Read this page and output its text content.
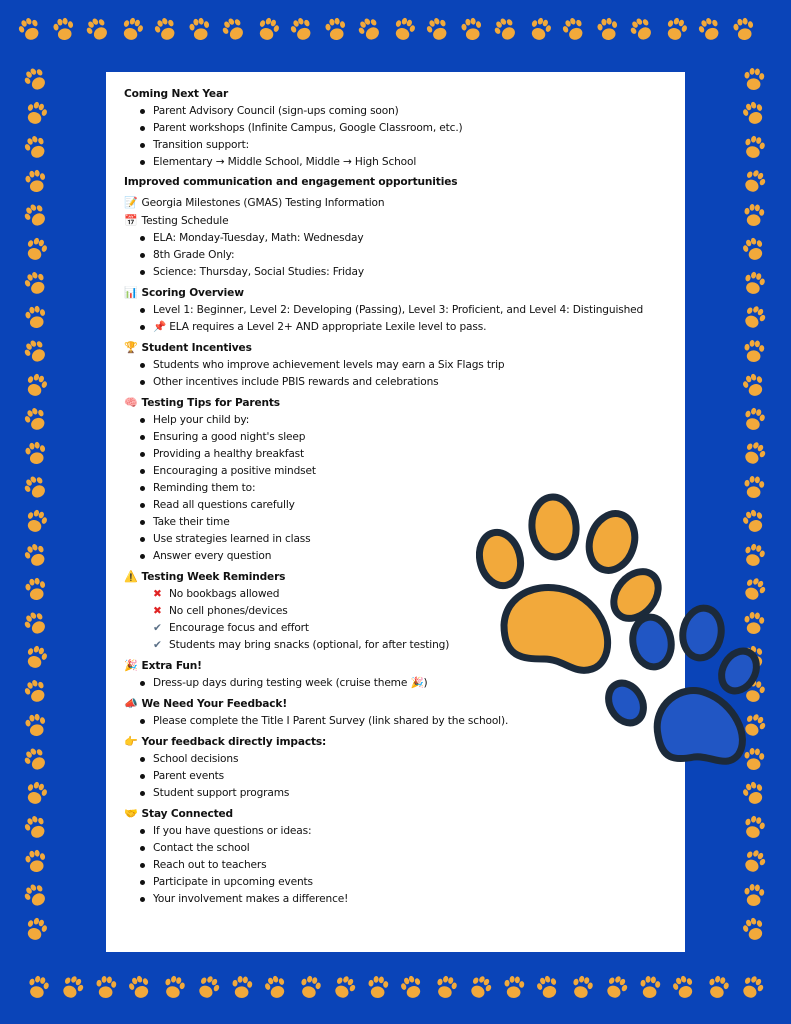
Coming Next Year
Parent Advisory Council (sign-ups coming soon)
Parent workshops (Infinite Campus, Google Classroom, etc.)
Transition support:
Elementary → Middle School, Middle → High School
Improved communication and engagement opportunities
📝 Georgia Milestones (GMAS) Testing Information
📅 Testing Schedule
ELA: Monday-Tuesday, Math: Wednesday
8th Grade Only:
Science: Thursday, Social Studies: Friday
📊 Scoring Overview
Level 1: Beginner, Level 2: Developing (Passing), Level 3: Proficient, and Level 4: Distinguished
📌 ELA requires a Level 2+ AND appropriate Lexile level to pass.
🏆 Student Incentives
Students who improve achievement levels may earn a Six Flags trip
Other incentives include PBIS rewards and celebrations
🧠 Testing Tips for Parents
Help your child by:
Ensuring a good night's sleep
Providing a healthy breakfast
Encouraging a positive mindset
Reminding them to:
Read all questions carefully
Take their time
Use strategies learned in class
Answer every question
⚠️ Testing Week Reminders
✖ No bookbags allowed
✖ No cell phones/devices
✔ Encourage focus and effort
✔ Students may bring snacks (optional, for after testing)
🎉 Extra Fun!
Dress-up days during testing week (cruise theme 🎉)
📣 We Need Your Feedback!
Please complete the Title I Parent Survey (link shared by the school).
👉 Your feedback directly impacts:
School decisions
Parent events
Student support programs
🤝 Stay Connected
If you have questions or ideas:
Contact the school
Reach out to teachers
Participate in upcoming events
Your involvement makes a difference!
